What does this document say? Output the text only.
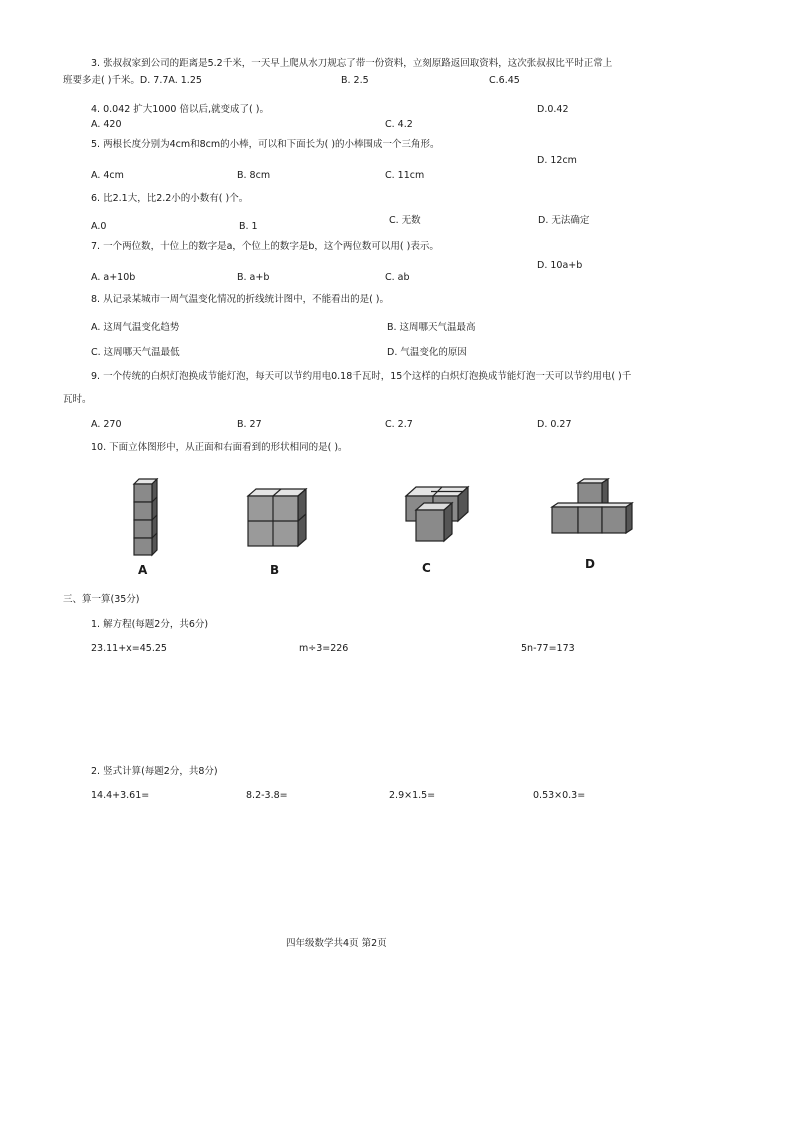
3. 张叔叔家到公司的距离是5.2千米，一天早上爬从水刀规忘了带一份资料，立刻原路返回取资料，这次张叔叔比平时正常上
班要多走( )千米。D. 7.7A. 1.25	B. 2.5	C.6.45
4. 0.042 扩大1000 倍以后,就变成了( )。	D.0.42
A. 420	C. 4.2
5. 两根长度分别为4cm和8cm的小棒，可以和下面长为( )的小棒围成一个三角形。
D. 12cm
A. 4cm	B. 8cm	C. 11cm
6. 比2.1大，比2.2小的小数有( )个。
C. 无数	D. 无法确定
A.0	B. 1
7. 一个两位数，十位上的数字是a，个位上的数字是b，这个两位数可以用( )表示。
D. 10a+b
A. a+10b	B. a+b	C. ab
8. 从记录某城市一周气温变化情况的折线统计图中，不能看出的是( )。
A. 这周气温变化趋势	B. 这周哪天气温最高
C. 这周哪天气温最低	D. 气温变化的原因
9. 一个传统的白炽灯泡换成节能灯泡，每天可以节约用电0.18千瓦时，15个这样的白炽灯泡换成节能灯泡一天可以节约用电( )千
瓦时。
A. 270	B. 27	C. 2.7	D. 0.27
10. 下面立体图形中，从正面和右面看到的形状相同的是( )。
A	B	C	D
三、算一算(35分)
1. 解方程(每题2分，共6分)
23.11+x=45.25	m÷3=226	5n-77=173
2. 竖式计算(每题2分，共8分)
14.4+3.61=	8.2-3.8=	2.9×1.5=	0.53×0.3=
四年级数学共4页 第2页
